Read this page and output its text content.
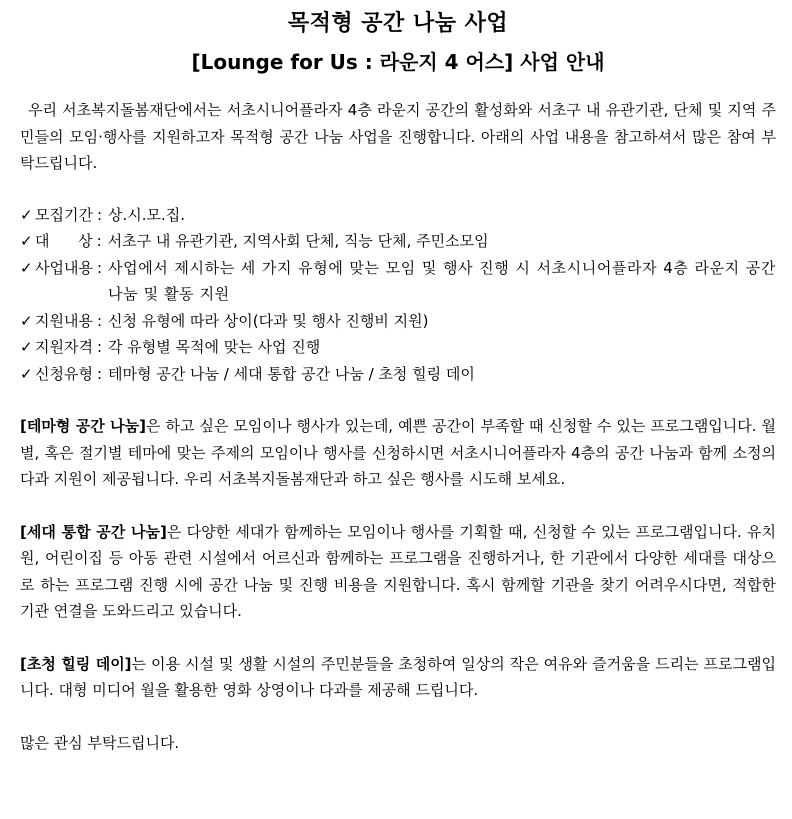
목적형 공간 나눔 사업
[Lounge for Us : 라운지 4 어스] 사업 안내

우리 서초복지돌봄재단에서는 서초시니어플라자 4층 라운지 공간의 활성화와 서초구 내 유관기관, 단체 및 지역 주민들의 모임·행사를 지원하고자 목적형 공간 나눔 사업을 진행합니다. 아래의 사업 내용을 참고하셔서 많은 참여 부탁드립니다.

✓ 모집기간 : 상.시.모.집.
✓ 대      상 : 서초구 내 유관기관, 지역사회 단체, 직능 단체, 주민소모임
✓ 사업내용 : 사업에서 제시하는 세 가지 유형에 맞는 모임 및 행사 진행 시 서초시니어플라자 4층 라운지 공간 나눔 및 활동 지원
✓ 지원내용 : 신청 유형에 따라 상이(다과 및 행사 진행비 지원)
✓ 지원자격 : 각 유형별 목적에 맞는 사업 진행
✓ 신청유형 : 테마형 공간 나눔 / 세대 통합 공간 나눔 / 초청 힐링 데이

[테마형 공간 나눔]은 하고 싶은 모임이나 행사가 있는데, 예쁜 공간이 부족할 때 신청할 수 있는 프로그램입니다. 월별, 혹은 절기별 테마에 맞는 주제의 모임이나 행사를 신청하시면 서초시니어플라자 4층의 공간 나눔과 함께 소정의 다과 지원이 제공됩니다. 우리 서초복지돌봄재단과 하고 싶은 행사를 시도해 보세요.

[세대 통합 공간 나눔]은 다양한 세대가 함께하는 모임이나 행사를 기획할 때, 신청할 수 있는 프로그램입니다. 유치원, 어린이집 등 아동 관련 시설에서 어르신과 함께하는 프로그램을 진행하거나, 한 기관에서 다양한 세대를 대상으로 하는 프로그램 진행 시에 공간 나눔 및 진행 비용을 지원합니다. 혹시 함께할 기관을 찾기 어려우시다면, 적합한 기관 연결을 도와드리고 있습니다.

[초청 힐링 데이]는 이용 시설 및 생활 시설의 주민분들을 초청하여 일상의 작은 여유와 즐거움을 드리는 프로그램입니다. 대형 미디어 월을 활용한 영화 상영이나 다과를 제공해 드립니다.

많은 관심 부탁드립니다.
